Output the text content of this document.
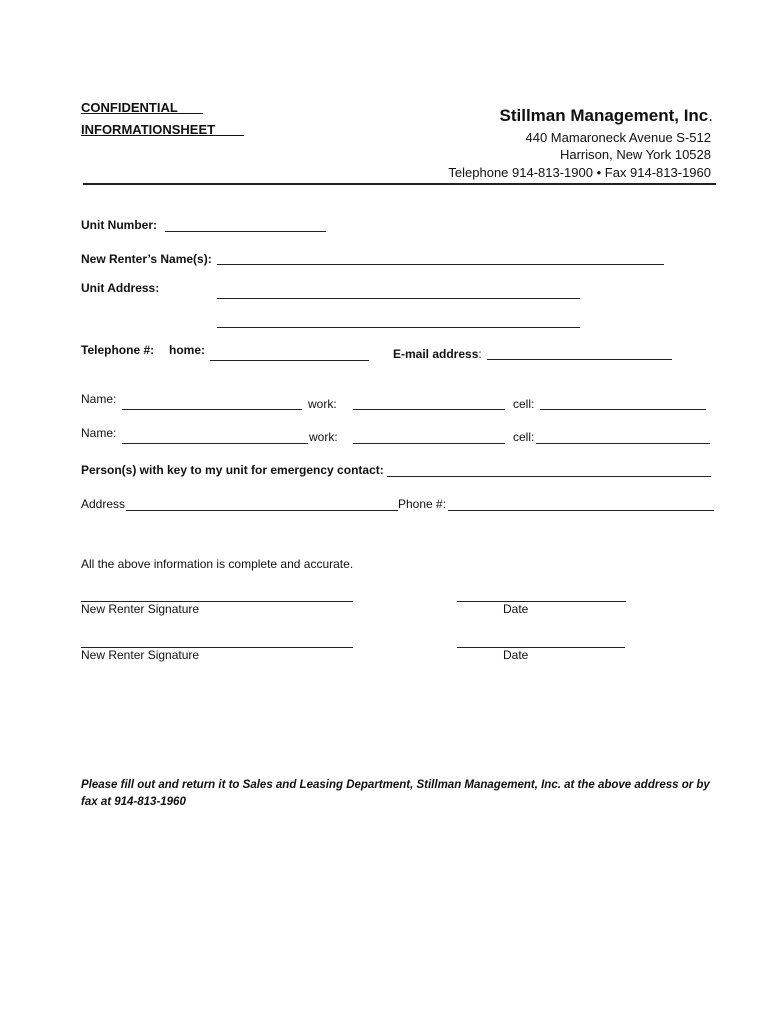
CONFIDENTIAL
INFORMATIONSHEET
Stillman Management, Inc.
440 Mamaroneck Avenue S-512
Harrison, New York 10528
Telephone 914-813-1900 • Fax 914-813-1960
Unit Number:
New Renter’s Name(s):
Unit Address:
Telephone #: home:	E-mail address:
Name:	work:	cell:
Name:	work:	cell:
Person(s) with key to my unit for emergency contact:
Address	Phone #:
All the above information is complete and accurate.
New Renter Signature	Date
New Renter Signature	Date
Please fill out and return it to Sales and Leasing Department, Stillman Management, Inc. at the above address or by fax at 914-813-1960
